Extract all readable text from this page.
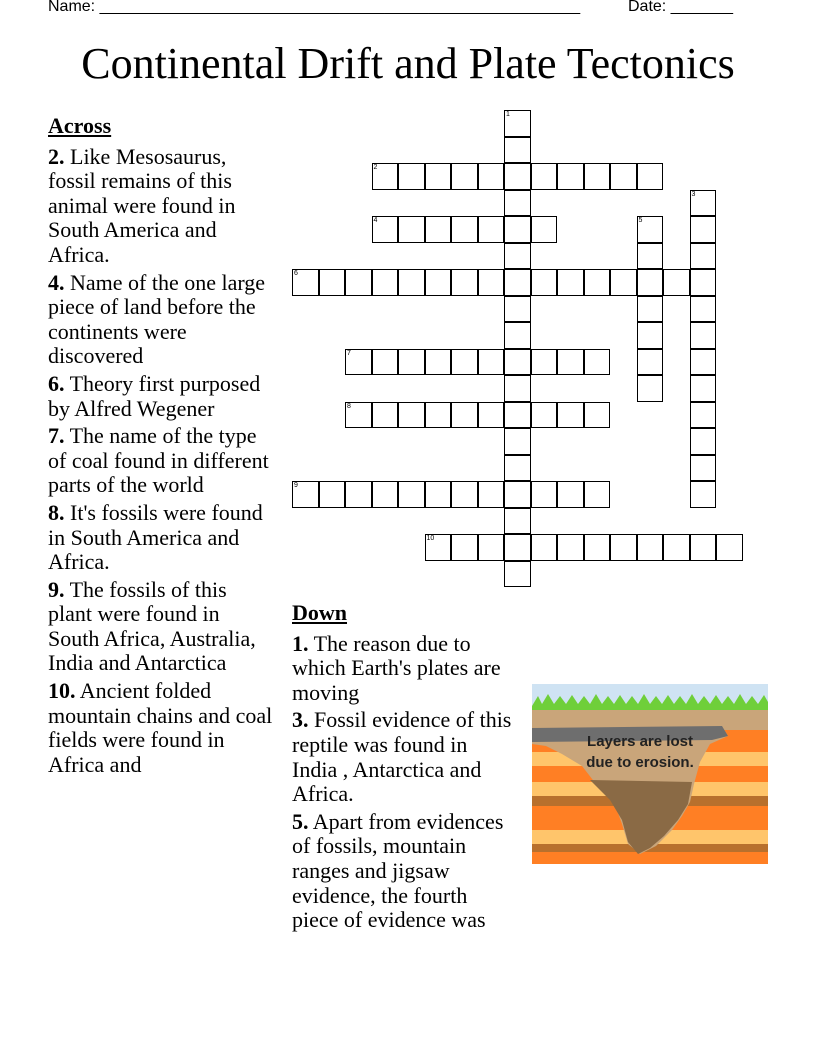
Name: ______________________________________________________	Date: _______
Continental Drift and Plate Tectonics
Across
2. Like Mesosaurus, fossil remains of this animal were found in South America and Africa.
4. Name of the one large piece of land before the continents were discovered
6. Theory first purposed by Alfred Wegener
7. The name of the type of coal found in different parts of the world
8. It's fossils were found in South America and Africa.
9. The fossils of this plant were found in South Africa, Australia, India and Antarctica
10. Ancient folded mountain chains and coal fields were found in Africa and
Down
1. The reason due to which Earth's plates are moving
3. Fossil evidence of this reptile was found in India , Antarctica and Africa.
5. Apart from evidences of fossils, mountain ranges and jigsaw evidence, the fourth piece of evidence was
1
2
3
4	5
6
7
8
9
10
Layers are lost
due to erosion.
